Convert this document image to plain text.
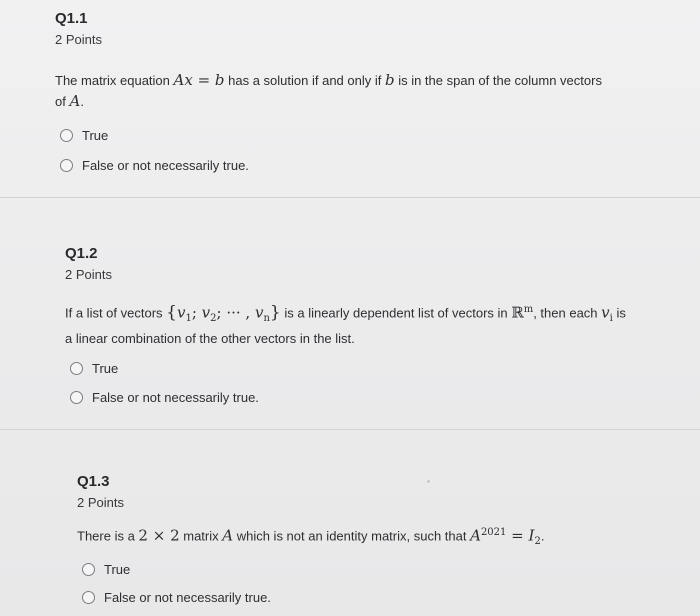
Q1.1
2 Points
The matrix equation Ax = b has a solution if and only if b is in the span of the column vectors
of A.
True
False or not necessarily true.
Q1.2
2 Points
If a list of vectors {$v_1$; $v_2$; ··· , $v_n$} is a linearly dependent list of vectors in ℝ$^m$, then each $v_i$ is
a linear combination of the other vectors in the list.
True
False or not necessarily true.
Q1.3
2 Points
There is a 2 × 2 matrix A which is not an identity matrix, such that $A^{2021} = I_2$.
True
False or not necessarily true.
